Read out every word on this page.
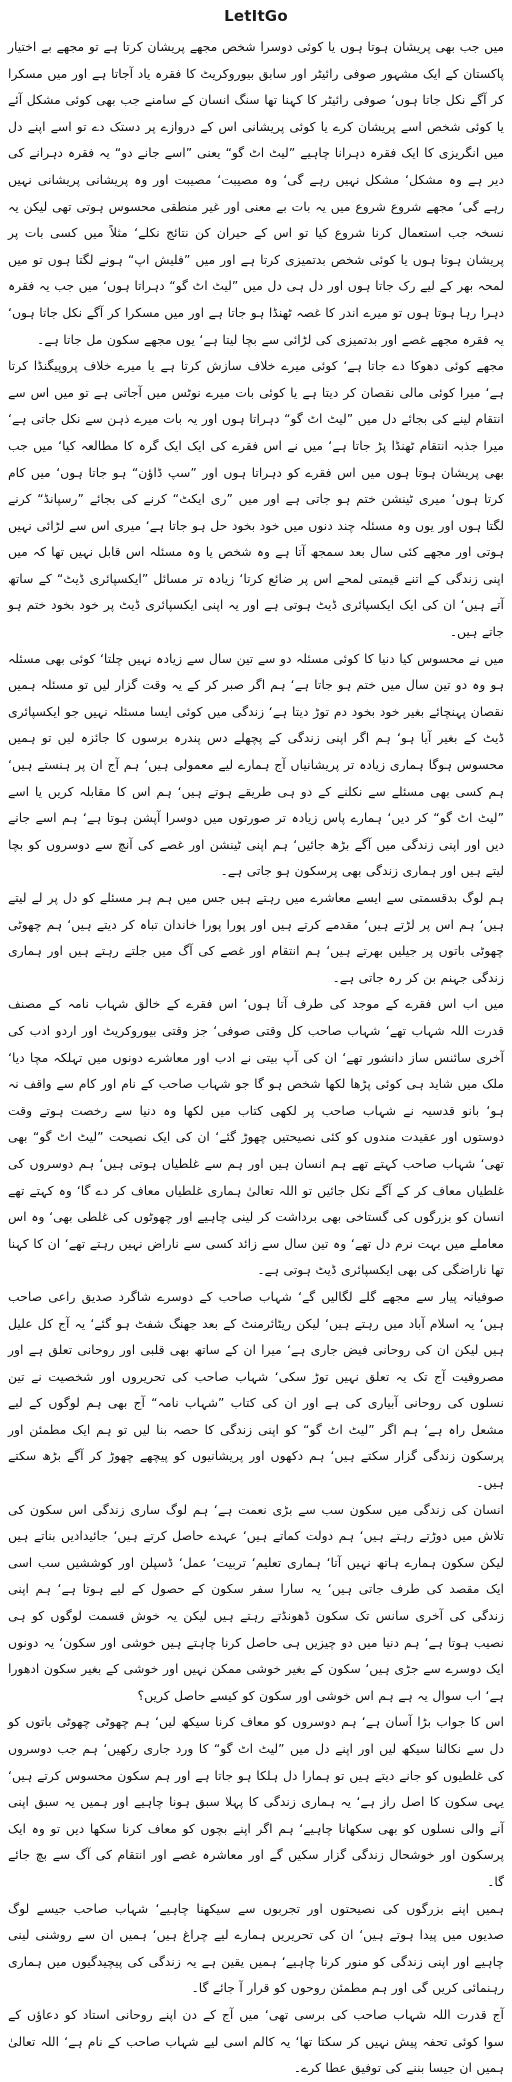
LetItGo

میں جب بھی پریشان ہوتا ہوں یا کوئی دوسرا شخص مجھے پریشان کرتا ہے تو مجھے بے اختیار پاکستان کے ایک مشہور صوفی رائیٹر اور سابق بیوروکریٹ کا فقرہ یاد آجاتا ہے اور میں مسکرا کر آگے نکل جاتا ہوں‘ صوفی رائیٹر کا کہنا تھا سنگ انسان کے سامنے جب بھی کوئی مشکل آئے یا کوئی شخص اسے پریشان کرے یا کوئی پریشانی اس کے دروازے پر دستک دے تو اسے اپنے دل میں انگریزی کا ایک فقرہ دہرانا چاہیے ”لیٹ اٹ گو“ یعنی ”اسے جانے دو“ یہ فقرہ دہرانے کی دیر ہے وہ مشکل‘ مشکل نہیں رہے گی‘ وہ مصیبت‘ مصیبت اور وہ پریشانی پریشانی نہیں رہے گی‘ مجھے شروع شروع میں یہ بات بے معنی اور غیر منطقی محسوس ہوتی تھی لیکن یہ نسخہ جب استعمال کرنا شروع کیا تو اس کے حیران کن نتائج نکلے‘ مثلاً میں کسی بات پر پریشان ہوتا ہوں یا کوئی شخص بدتمیزی کرتا ہے اور میں ”فلیش اپ“ ہونے لگتا ہوں تو میں لمحہ بھر کے لیے رک جاتا ہوں اور دل ہی دل میں ”لیٹ اٹ گو“ دہراتا ہوں‘ میں جب یہ فقرہ دہرا رہا ہوتا ہوں تو میرے اندر کا غصہ ٹھنڈا ہو جاتا ہے اور میں مسکرا کر آگے نکل جاتا ہوں‘ یہ فقرہ مجھے غصے اور بدتمیزی کی لڑائی سے بچا لیتا ہے‘ یوں مجھے سکون مل جاتا ہے۔

مجھے کوئی دھوکا دے جاتا ہے‘ کوئی میرے خلاف سازش کرتا ہے یا میرے خلاف پروپیگنڈا کرتا ہے‘ میرا کوئی مالی نقصان کر دیتا ہے یا کوئی بات میرے نوٹس میں آجاتی ہے تو میں اس سے انتقام لینے کی بجائے دل میں ”لیٹ اٹ گو“ دہراتا ہوں اور یہ بات میرے ذہن سے نکل جاتی ہے‘ میرا جذبہ انتقام ٹھنڈا پڑ جاتا ہے‘ میں نے اس فقرے کی ایک ایک گرہ کا مطالعہ کیا‘ میں جب بھی پریشان ہوتا ہوں میں اس فقرے کو دہراتا ہوں اور ”سپ ڈاؤن“ ہو جاتا ہوں‘ میں کام کرتا ہوں‘ میری ٹینشن ختم ہو جاتی ہے اور میں ”ری ایکٹ“ کرنے کی بجائے ”رسپانڈ“ کرنے لگتا ہوں اور یوں وہ مسئلہ چند دنوں میں خود بخود حل ہو جاتا ہے‘ میری اس سے لڑائی نہیں ہوتی اور مجھے کئی سال بعد سمجھ آتا ہے وہ شخص یا وہ مسئلہ اس قابل نہیں تھا کہ میں اپنی زندگی کے اتنے قیمتی لمحے اس پر ضائع کرتا‘ زیادہ تر مسائل ”ایکسپائری ڈیٹ“ کے ساتھ آتے ہیں‘ ان کی ایک ایکسپائری ڈیٹ ہوتی ہے اور یہ اپنی ایکسپائری ڈیٹ پر خود بخود ختم ہو جاتے ہیں۔

میں نے محسوس کیا دنیا کا کوئی مسئلہ دو سے تین سال سے زیادہ نہیں چلتا‘ کوئی بھی مسئلہ ہو وہ دو تین سال میں ختم ہو جاتا ہے‘ ہم اگر صبر کر کے یہ وقت گزار لیں تو مسئلہ ہمیں نقصان پہنچائے بغیر خود بخود دم توڑ دیتا ہے‘ زندگی میں کوئی ایسا مسئلہ نہیں جو ایکسپائری ڈیٹ کے بغیر آیا ہو‘ ہم اگر اپنی زندگی کے پچھلے دس پندرہ برسوں کا جائزہ لیں تو ہمیں محسوس ہوگا ہماری زیادہ تر پریشانیاں آج ہمارے لیے معمولی ہیں‘ ہم آج ان پر ہنستے ہیں‘ ہم کسی بھی مسئلے سے نکلنے کے دو ہی طریقے ہوتے ہیں‘ ہم اس کا مقابلہ کریں یا اسے ”لیٹ اٹ گو“ کر دیں‘ ہمارے پاس زیادہ تر صورتوں میں دوسرا آپشن ہوتا ہے‘ ہم اسے جانے دیں اور اپنی زندگی میں آگے بڑھ جائیں‘ ہم اپنی ٹینشن اور غصے کی آنچ سے دوسروں کو بچا لیتے ہیں اور ہماری زندگی بھی پرسکون ہو جاتی ہے۔

ہم لوگ بدقسمتی سے ایسے معاشرے میں رہتے ہیں جس میں ہم ہر مسئلے کو دل پر لے لیتے ہیں‘ ہم اس پر لڑتے ہیں‘ مقدمے کرتے ہیں اور پورا پورا خاندان تباہ کر دیتے ہیں‘ ہم چھوٹی چھوٹی باتوں پر جیلیں بھرتے ہیں‘ ہم انتقام اور غصے کی آگ میں جلتے رہتے ہیں اور ہماری زندگی جہنم بن کر رہ جاتی ہے۔

میں اب اس فقرے کے موجد کی طرف آتا ہوں‘ اس فقرے کے خالق شہاب نامہ کے مصنف قدرت اللہ شہاب تھے‘ شہاب صاحب کل وقتی صوفی‘ جز وقتی بیوروکریٹ اور اردو ادب کی آخری سائنس ساز دانشور تھے‘ ان کی آپ بیتی نے ادب اور معاشرے دونوں میں تہلکہ مچا دیا‘ ملک میں شاید ہی کوئی پڑھا لکھا شخص ہو گا جو شہاب صاحب کے نام اور کام سے واقف نہ ہو‘ بانو قدسیہ نے شہاب صاحب پر لکھی کتاب میں لکھا وہ دنیا سے رخصت ہوتے وقت دوستوں اور عقیدت مندوں کو کئی نصیحتیں چھوڑ گئے‘ ان کی ایک نصیحت ”لیٹ اٹ گو“ بھی تھی‘ شہاب صاحب کہتے تھے ہم انسان ہیں اور ہم سے غلطیاں ہوتی ہیں‘ ہم دوسروں کی غلطیاں معاف کر کے آگے نکل جائیں تو اللہ تعالیٰ ہماری غلطیاں معاف کر دے گا‘ وہ کہتے تھے انسان کو بزرگوں کی گستاخی بھی برداشت کر لینی چاہیے اور چھوٹوں کی غلطی بھی‘ وہ اس معاملے میں بہت نرم دل تھے‘ وہ تین سال سے زائد کسی سے ناراض نہیں رہتے تھے‘ ان کا کہنا تھا ناراضگی کی بھی ایکسپائری ڈیٹ ہوتی ہے۔

صوفیانہ پیار سے مجھے گلے لگالیں گے‘ شہاب صاحب کے دوسرے شاگرد صدیق راعی صاحب ہیں‘ یہ اسلام آباد میں رہتے ہیں‘ لیکن ریٹائرمنٹ کے بعد جھنگ شفٹ ہو گئے‘ یہ آج کل علیل ہیں لیکن ان کی روحانی فیض جاری ہے‘ میرا ان کے ساتھ بھی قلبی اور روحانی تعلق ہے اور مصروفیت آج تک یہ تعلق نہیں توڑ سکی‘ شہاب صاحب کی تحریروں اور شخصیت نے تین نسلوں کی روحانی آبیاری کی ہے اور ان کی کتاب ”شہاب نامہ“ آج بھی ہم لوگوں کے لیے مشعل راہ ہے‘ ہم اگر ”لیٹ اٹ گو“ کو اپنی زندگی کا حصہ بنا لیں تو ہم ایک مطمئن اور پرسکون زندگی گزار سکتے ہیں‘ ہم دکھوں اور پریشانیوں کو پیچھے چھوڑ کر آگے بڑھ سکتے ہیں۔

انسان کی زندگی میں سکون سب سے بڑی نعمت ہے‘ ہم لوگ ساری زندگی اس سکون کی تلاش میں دوڑتے رہتے ہیں‘ ہم دولت کماتے ہیں‘ عہدے حاصل کرتے ہیں‘ جائیدادیں بناتے ہیں لیکن سکون ہمارے ہاتھ نہیں آتا‘ ہماری تعلیم‘ تربیت‘ عمل‘ ڈسپلن اور کوششیں سب اسی ایک مقصد کی طرف جاتی ہیں‘ یہ سارا سفر سکون کے حصول کے لیے ہوتا ہے‘ ہم اپنی زندگی کی آخری سانس تک سکون ڈھونڈتے رہتے ہیں لیکن یہ خوش قسمت لوگوں کو ہی نصیب ہوتا ہے‘ ہم دنیا میں دو چیزیں ہی حاصل کرنا چاہتے ہیں خوشی اور سکون‘ یہ دونوں ایک دوسرے سے جڑی ہیں‘ سکون کے بغیر خوشی ممکن نہیں اور خوشی کے بغیر سکون ادھورا ہے‘ اب سوال یہ ہے ہم اس خوشی اور سکون کو کیسے حاصل کریں؟

اس کا جواب بڑا آسان ہے‘ ہم دوسروں کو معاف کرنا سیکھ لیں‘ ہم چھوٹی چھوٹی باتوں کو دل سے نکالنا سیکھ لیں اور اپنے دل میں ”لیٹ اٹ گو“ کا ورد جاری رکھیں‘ ہم جب دوسروں کی غلطیوں کو جانے دیتے ہیں تو ہمارا دل ہلکا ہو جاتا ہے اور ہم سکون محسوس کرتے ہیں‘ یہی سکون کا اصل راز ہے‘ یہ ہماری زندگی کا پہلا سبق ہونا چاہیے اور ہمیں یہ سبق اپنی آنے والی نسلوں کو بھی سکھانا چاہیے‘ ہم اگر اپنے بچوں کو معاف کرنا سکھا دیں تو وہ ایک پرسکون اور خوشحال زندگی گزار سکیں گے اور معاشرہ غصے اور انتقام کی آگ سے بچ جائے گا۔

ہمیں اپنے بزرگوں کی نصیحتوں اور تجربوں سے سیکھنا چاہیے‘ شہاب صاحب جیسے لوگ صدیوں میں پیدا ہوتے ہیں‘ ان کی تحریریں ہمارے لیے چراغ ہیں‘ ہمیں ان سے روشنی لینی چاہیے اور اپنی زندگی کو منور کرنا چاہیے‘ ہمیں یقین ہے یہ زندگی کی پیچیدگیوں میں ہماری رہنمائی کریں گی اور ہم مطمئن روحوں کو قرار آ جائے گا۔

آج قدرت اللہ شہاب صاحب کی برسی تھی‘ میں آج کے دن اپنے روحانی استاد کو دعاؤں کے سوا کوئی تحفہ پیش نہیں کر سکتا تھا‘ یہ کالم اسی لیے شہاب صاحب کے نام ہے‘ اللہ تعالیٰ ہمیں ان جیسا بننے کی توفیق عطا کرے۔
